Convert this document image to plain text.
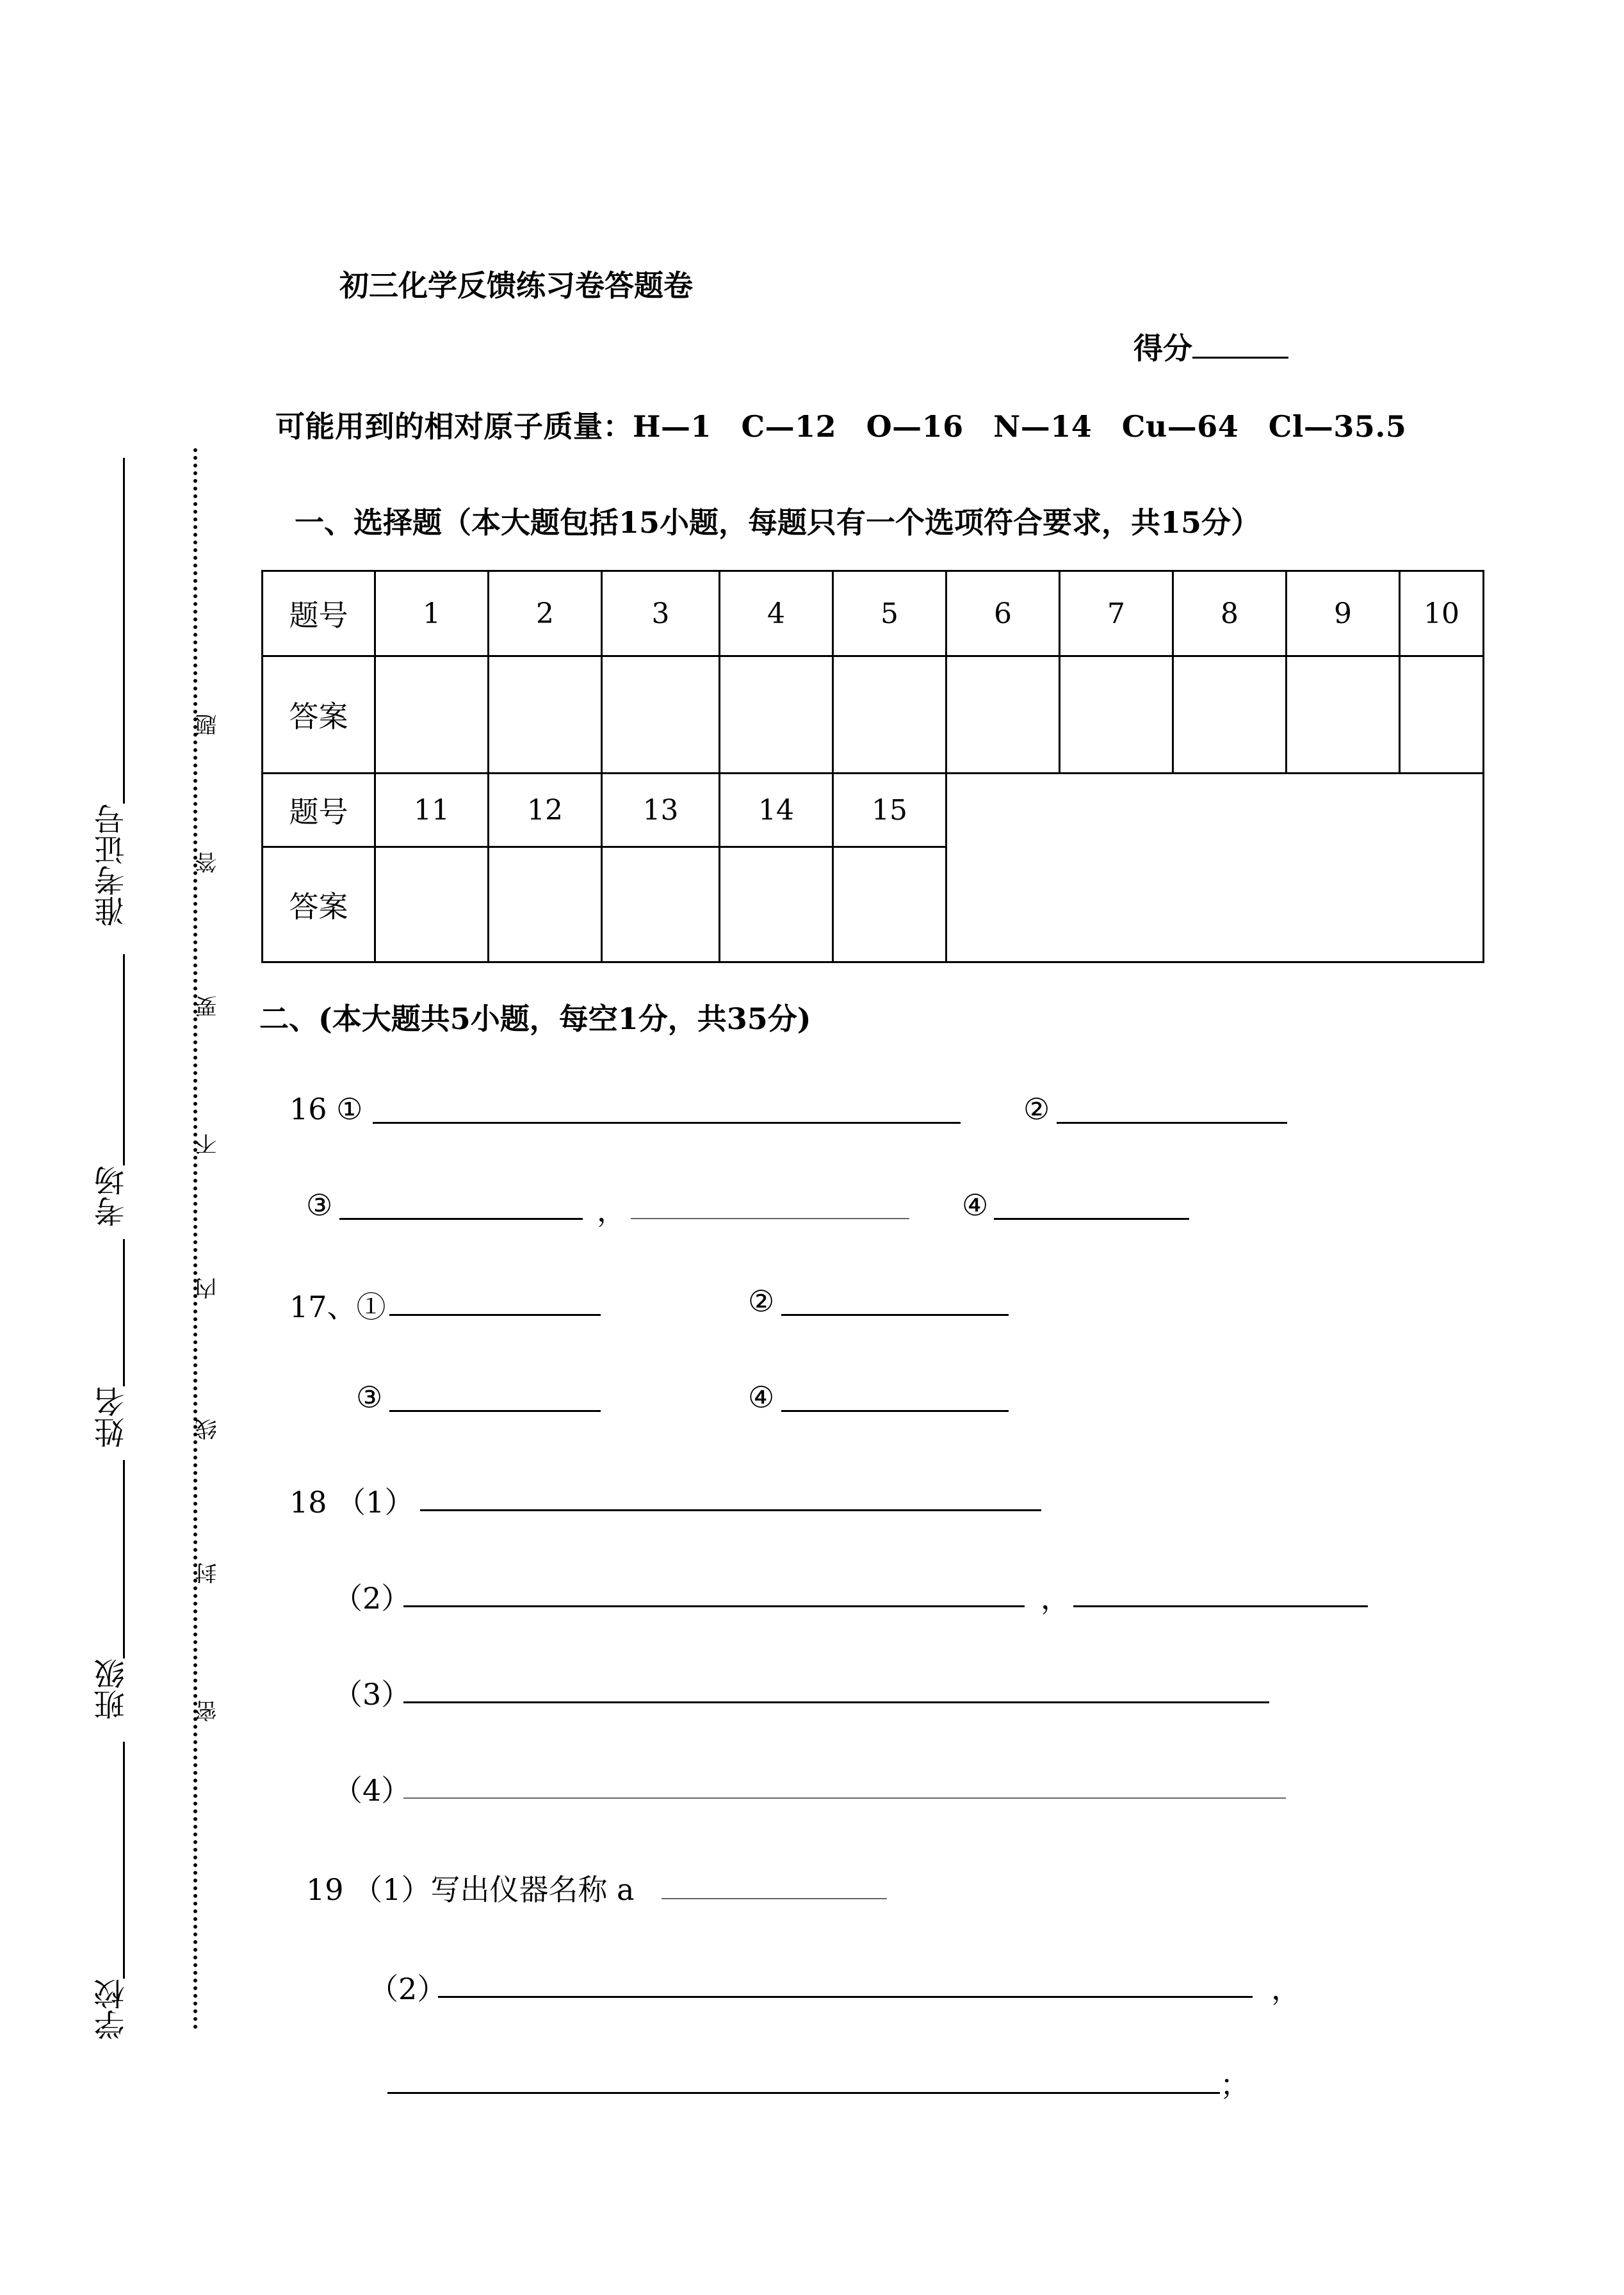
准考证号
考场
姓名
班级
学校
题
答
要
不
内
线
封
密
初三化学反馈练习卷答题卷
得分
可能用到的相对原子质量：H—1　C—12　O—16　N—14　Cu—64　Cl—35.5
一、选择题（本大题包括15小题，每题只有一个选项符合要求，共15分）
题号	1	2	3	4	5	6	7	8	9	10
答案										
题号	11	12	13	14	15					
答案										
二、(本大题共5小题，每空1分，共35分)
16 ①	②
③	，	④
17、①	②
③	④
18 （1）
（2）	，
（3）
（4）
19 （1）写出仪器名称 a
（2）	，
；
